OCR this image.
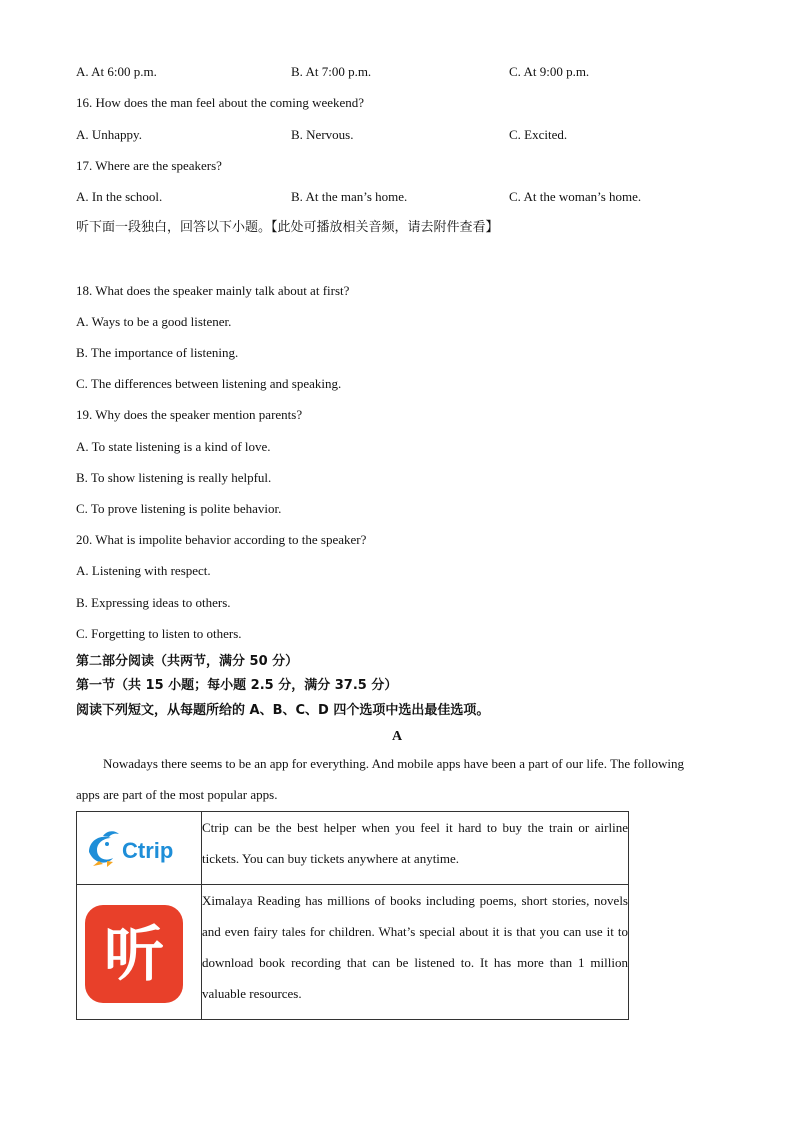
A. At 6:00 p.m.	B. At 7:00 p.m.	C. At 9:00 p.m.
16. How does the man feel about the coming weekend?
A. Unhappy.	B. Nervous.	C. Excited.
17. Where are the speakers?
A. In the school.	B. At the man’s home.	C. At the woman’s home.
听下面一段独白，回答以下小题。【此处可播放相关音频，请去附件查看】
18. What does the speaker mainly talk about at first?
A. Ways to be a good listener.
B. The importance of listening.
C. The differences between listening and speaking.
19. Why does the speaker mention parents?
A. To state listening is a kind of love.
B. To show listening is really helpful.
C. To prove listening is polite behavior.
20. What is impolite behavior according to the speaker?
A. Listening with respect.
B. Expressing ideas to others.
C. Forgetting to listen to others.
第二部分阅读（共两节，满分 50 分）
第一节（共 15 小题；每小题 2.5 分，满分 37.5 分）
阅读下列短文，从每题所给的 A、B、C、D 四个选项中选出最佳选项。
A
Nowadays there seems to be an app for everything. And mobile apps have been a part of our life. The following
apps are part of the most popular apps.
Ctrip	Ctrip can be the best helper when you feel it hard to buy the train or airline tickets. You can buy tickets anywhere at anytime.

听	Ximalaya Reading has millions of books including poems, short stories, novels and even fairy tales for children. What’s special about it is that you can use it to download book recording that can be listened to. It has more than 1 million valuable resources.
